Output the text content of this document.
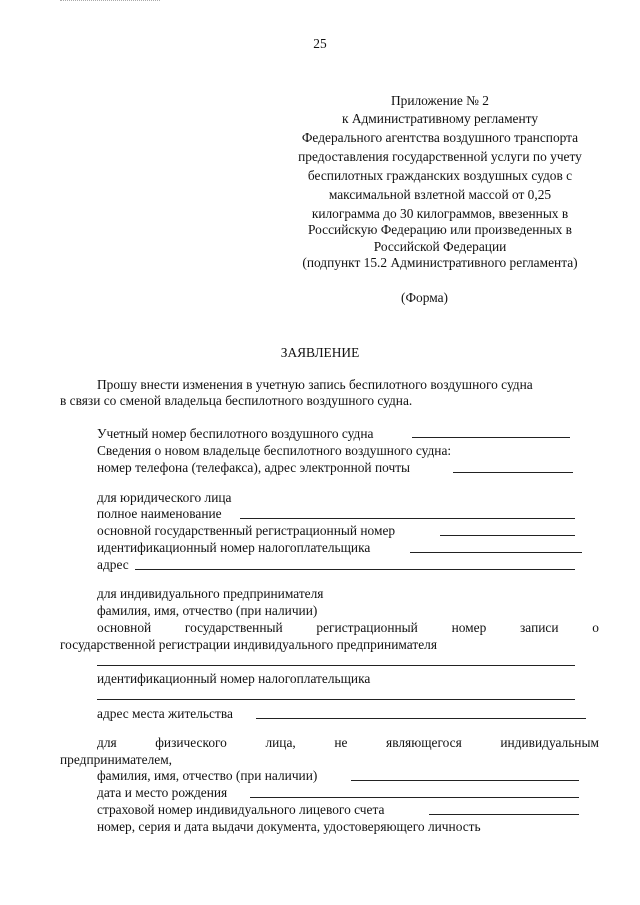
25
Приложение № 2
к Административному регламенту
Федерального агентства воздушного транспорта
предоставления государственной услуги по учету
беспилотных гражданских воздушных судов с
максимальной взлетной массой от 0,25
килограмма до 30 килограммов, ввезенных в
Российскую Федерацию или произведенных в
Российской Федерации
(подпункт 15.2 Административного регламента)
(Форма)
ЗАЯВЛЕНИЕ
Прошу внести изменения в учетную запись беспилотного воздушного судна
в связи со сменой владельца беспилотного воздушного судна.
Учетный номер беспилотного воздушного судна
Сведения о новом владельце беспилотного воздушного судна:
номер телефона (телефакса), адрес электронной почты
для юридического лица
полное наименование
основной государственный регистрационный номер
идентификационный номер налогоплательщика
адрес
для индивидуального предпринимателя
фамилия, имя, отчество (при наличии)
основной	государственный	регистрационный	номер	записи	о
государственной регистрации индивидуального предпринимателя
идентификационный номер налогоплательщика
адрес места жительства
для	физического	лица,	не	являющегося	индивидуальным
предпринимателем,
фамилия, имя, отчество (при наличии)
дата и место рождения
страховой номер индивидуального лицевого счета
номер, серия и дата выдачи документа, удостоверяющего личность
